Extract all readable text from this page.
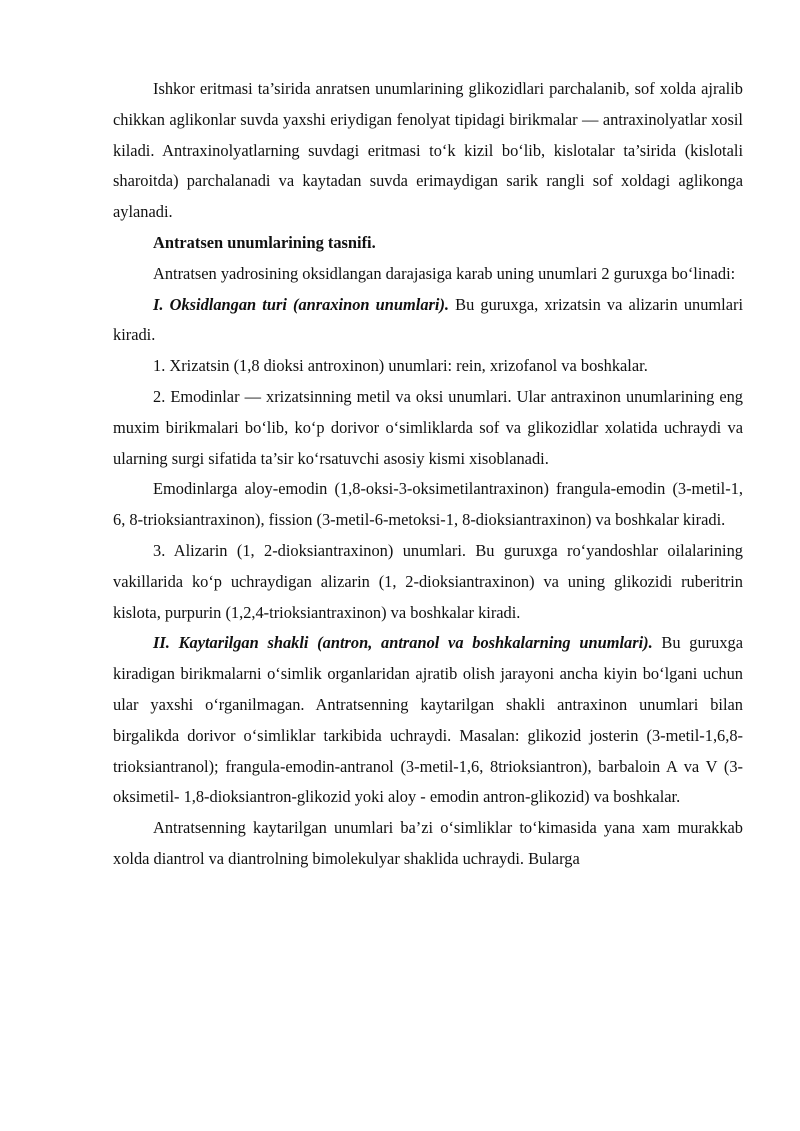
Ishkor eritmasi ta’sirida anratsen unumlarining glikozidlari parchalanib, sof xolda ajralib chikkan aglikonlar suvda yaxshi eriydigan fenolyat tipidagi birikmalar — antraxinolyatlar xosil kiladi. Antraxinolyatlarning suvdagi eritmasi to‘k kizil bo‘lib, kislotalar ta’sirida (kislotali sharoitda) parchalanadi va kaytadan suvda erimaydigan sarik rangli sof xoldagi aglikonga aylanadi.

Antratsen unumlarining tasnifi.

Antratsen yadrosining oksidlangan darajasiga karab uning unumlari 2 guruxga bo‘linadi:

I. Oksidlangan turi (anraxinon unumlari). Bu guruxga, xrizatsin va alizarin unumlari kiradi.

1. Xrizatsin (1,8 dioksi antroxinon) unumlari: rein, xrizofanol va boshkalar.

2. Emodinlar — xrizatsinning metil va oksi unumlari. Ular antraxinon unumlarining eng muxim birikmalari bo‘lib, ko‘p dorivor o‘simliklarda sof va glikozidlar xolatida uchraydi va ularning surgi sifatida ta’sir ko‘rsatuvchi asosiy kismi xisoblanadi.

Emodinlarga aloy-emodin (1,8-oksi-3-oksimetilantraxinon) frangula-emodin (3-metil-1, 6, 8-trioksiantraxinon), fission (3-metil-6-metoksi-1, 8-dioksiantraxinon) va boshkalar kiradi.

3. Alizarin (1, 2-dioksiantraxinon) unumlari. Bu guruxga ro‘yandoshlar oilalarining vakillarida ko‘p uchraydigan alizarin (1, 2-dioksiantraxinon) va uning glikozidi ruberitrin kislota, purpurin (1,2,4-trioksiantraxinon) va boshkalar kiradi.

II. Kaytarilgan shakli (antron, antranol va boshkalarning unumlari). Bu guruxga kiradigan birikmalarni o‘simlik organlaridan ajratib olish jarayoni ancha kiyin bo‘lgani uchun ular yaxshi o‘rganilmagan. Antratsenning kaytarilgan shakli antraxinon unumlari bilan birgalikda dorivor o‘simliklar tarkibida uchraydi. Masalan: glikozid josterin (3-metil-1,6,8-trioksiantranol); frangula-emodin-antranol (3-metil-1,6, 8trioksiantron), barbaloin A va V (3-oksimetil- 1,8-dioksiantron-glikozid yoki aloy - emodin antron-glikozid) va boshkalar.

Antratsenning kaytarilgan unumlari ba’zi o‘simliklar to‘kimasida yana xam murakkab xolda diantrol va diantrolning bimolekulyar shaklida uchraydi. Bularga
